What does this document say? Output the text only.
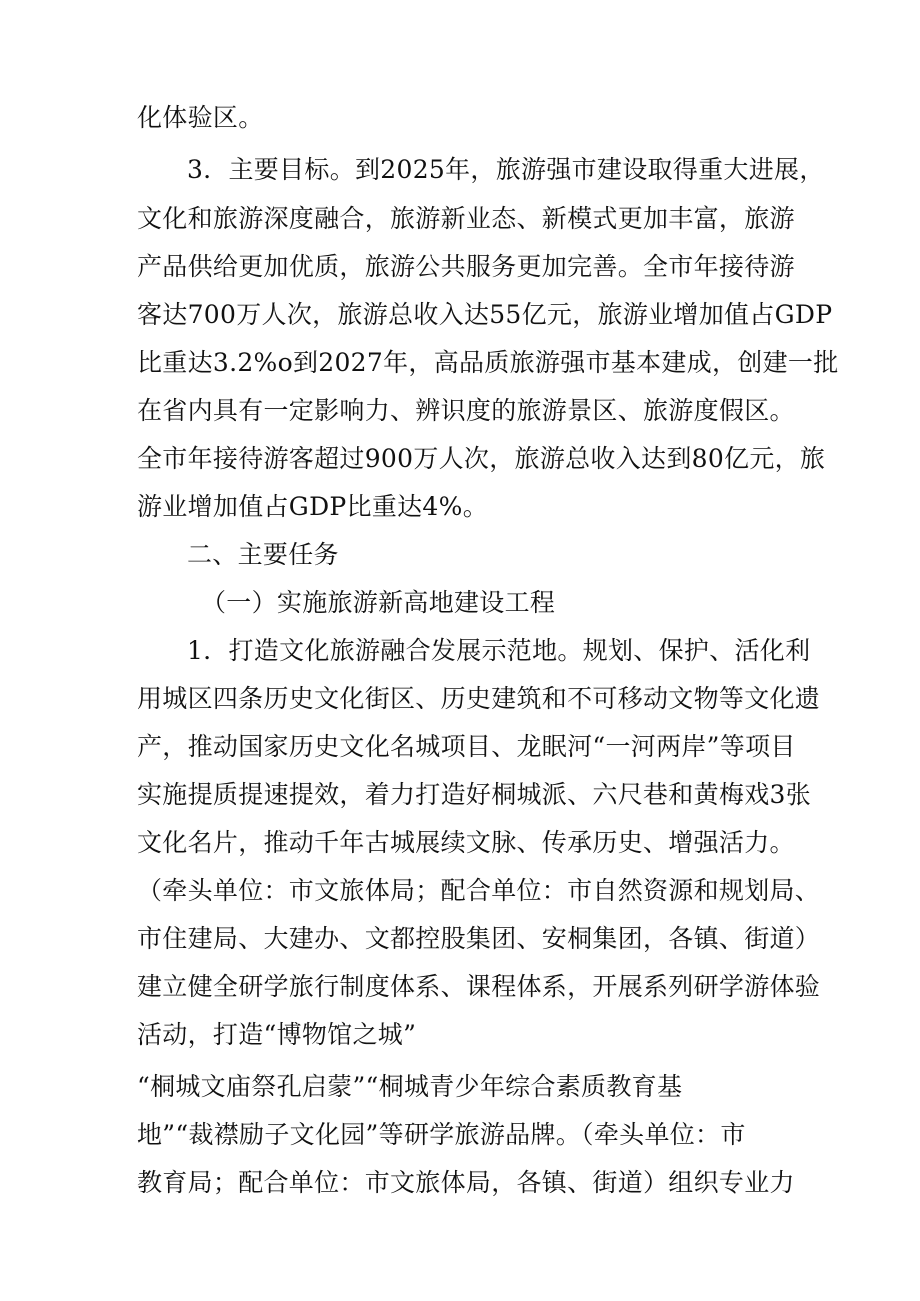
化体验区。
3．主要目标。到2025年，旅游强市建设取得重大进展，
文化和旅游深度融合，旅游新业态、新模式更加丰富，旅游
产品供给更加优质，旅游公共服务更加完善。全市年接待游
客达700万人次，旅游总收入达55亿元，旅游业增加值占GDP
比重达3.2%o到2027年，高品质旅游强市基本建成，创建一批
在省内具有一定影响力、辨识度的旅游景区、旅游度假区。
全市年接待游客超过900万人次，旅游总收入达到80亿元，旅
游业增加值占GDP比重达4%。
二、主要任务
（一）实施旅游新高地建设工程
1．打造文化旅游融合发展示范地。规划、保护、活化利
用城区四条历史文化街区、历史建筑和不可移动文物等文化遗
产，推动国家历史文化名城项目、龙眠河“一河两岸”等项目
实施提质提速提效，着力打造好桐城派、六尺巷和黄梅戏3张
文化名片，推动千年古城展续文脉、传承历史、增强活力。
（牵头单位：市文旅体局；配合单位：市自然资源和规划局、
市住建局、大建办、文都控股集团、安桐集团，各镇、街道）
建立健全研学旅行制度体系、课程体系，开展系列研学游体验
活动，打造“博物馆之城”
“桐城文庙祭孔启蒙”“桐城青少年综合素质教育基
地”“裁襟励子文化园”等研学旅游品牌。（牵头单位：市
教育局；配合单位：市文旅体局，各镇、街道）组织专业力
